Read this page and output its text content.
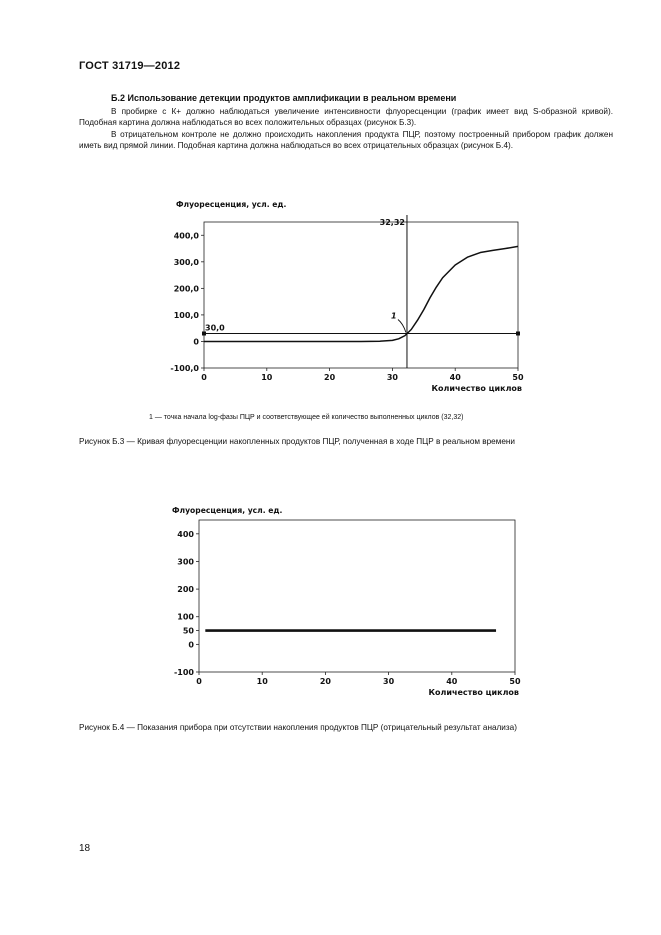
ГОСТ 31719—2012
Б.2 Использование детекции продуктов амплификации в реальном времени
В пробирке с К+ должно наблюдаться увеличение интенсивности флуоресценции (график имеет вид S-образной кривой). Подобная картина должна наблюдаться во всех положительных образцах (рисунок Б.3).
В отрицательном контроле не должно происходить накопления продукта ПЦР, поэтому построенный прибором график должен иметь вид прямой линии. Подобная картина должна наблюдаться во всех отрицательных образцах (рисунок Б.4).
Флуоресценция, усл. ед.
400,0
300,0
200,0
100,0
0
-100,0
0	10	20	30	40	50
Количество циклов
30,0
32,32
1
1 — точка начала log-фазы ПЦР и соответствующее ей количество выполненных циклов (32,32)
Рисунок Б.3 — Кривая флуоресценции накопленных продуктов ПЦР, полученная в ходе ПЦР в реальном времени
Флуоресценция, усл. ед.
400
300
200
100
50
0
-100
0	10	20	30	40	50
Количество циклов
Рисунок Б.4 — Показания прибора при отсутствии накопления продуктов ПЦР (отрицательный результат анализа)
18
